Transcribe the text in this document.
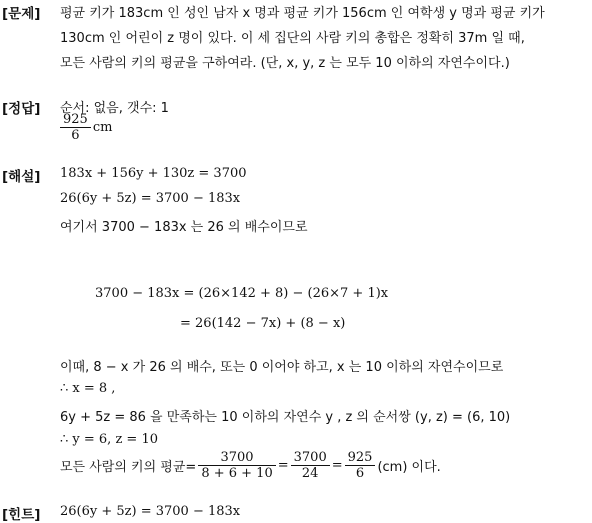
[문제] 평균 키가 183cm 인 성인 남자 x 명과 평균 키가 156cm 인 여학생 y 명과 평균 키가
130cm 인 어린이 z 명이 있다. 이 세 집단의 사람 키의 총합은 정확히 37m 일 때,
모든 사람의 키의 평균을 구하여라. (단, x, y, z 는 모두 10 이하의 자연수이다.)
[정답] 순서: 없음, 갯수: 1
$\frac{925}{6}$ cm
[해설] 183x + 156y + 130z = 3700
26(6y + 5z) = 3700 − 183x
여기서 3700 − 183x 는 26 의 배수이므로
3700 − 183x = (26×142 + 8) − (26×7 + 1)x
= 26(142 − 7x) + (8 − x)
이때, 8 − x 가 26 의 배수, 또는 0 이어야 하고, x 는 10 이하의 자연수이므로
∴ x = 8 ,
6y + 5z = 86 을 만족하는 10 이하의 자연수 y , z 의 순서쌍 (y, z) = (6, 10)
∴ y = 6, z = 10
모든 사람의 키의 평균= $\frac{3700}{8 + 6 + 10} = \frac{3700}{24} = \frac{925}{6} (cm)$ 이다.
[힌트] 26(6y + 5z) = 3700 − 183x
